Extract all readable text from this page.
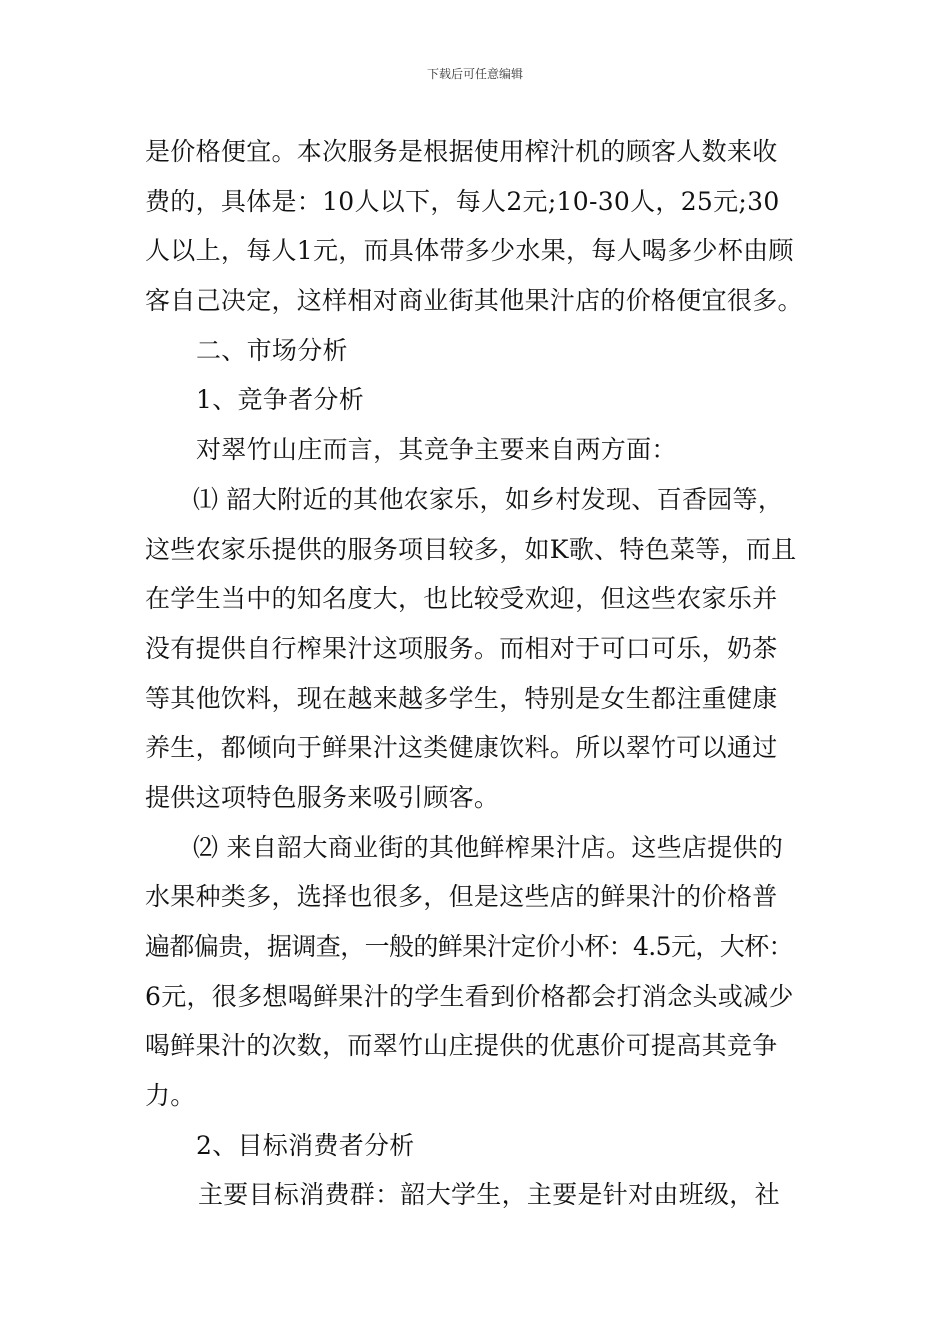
下载后可任意编辑
是价格便宜。本次服务是根据使用榨汁机的顾客人数来收
费的，具体是：10人以下，每人2元;10-30人，25元;30
人以上，每人1元，而具体带多少水果，每人喝多少杯由顾
客自己决定，这样相对商业街其他果汁店的价格便宜很多。
二、市场分析
1、竞争者分析
对翠竹山庄而言，其竞争主要来自两方面：
⑴ 韶大附近的其他农家乐，如乡村发现、百香园等，
这些农家乐提供的服务项目较多，如K歌、特色菜等，而且
在学生当中的知名度大，也比较受欢迎，但这些农家乐并
没有提供自行榨果汁这项服务。而相对于可口可乐，奶茶
等其他饮料，现在越来越多学生，特别是女生都注重健康
养生，都倾向于鲜果汁这类健康饮料。所以翠竹可以通过
提供这项特色服务来吸引顾客。
⑵ 来自韶大商业街的其他鲜榨果汁店。这些店提供的
水果种类多，选择也很多，但是这些店的鲜果汁的价格普
遍都偏贵，据调查，一般的鲜果汁定价小杯：4.5元，大杯：
6元，很多想喝鲜果汁的学生看到价格都会打消念头或减少
喝鲜果汁的次数，而翠竹山庄提供的优惠价可提高其竞争
力。
2、目标消费者分析
主要目标消费群：韶大学生，主要是针对由班级，社
